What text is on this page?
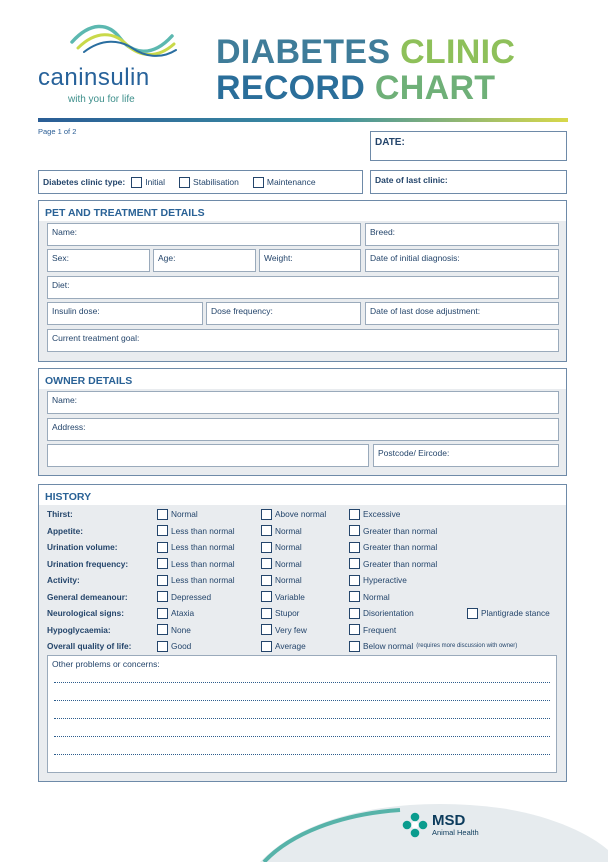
caninsulin
with you for life
DIABETES CLINIC
RECORD CHART
Page 1 of 2
DATE:
Date of last clinic:
Diabetes clinic type: Initial	Stabilisation	Maintenance
PET AND TREATMENT DETAILS
Name:	Breed:
Sex:	Age:	Weight:	Date of initial diagnosis:
Diet:
Insulin dose:	Dose frequency:	Date of last dose adjustment:
Current treatment goal:
OWNER DETAILS
Name:
Address:
Postcode/ Eircode:
HISTORY
Thirst:	Normal	Above normal	Excessive
Appetite:	Less than normal	Normal	Greater than normal
Urination volume:	Less than normal	Normal	Greater than normal
Urination frequency:	Less than normal	Normal	Greater than normal
Activity:	Less than normal	Normal	Hyperactive
General demeanour:	Depressed	Variable	Normal
Neurological signs:	Ataxia	Stupor	Disorientation	Plantigrade stance
Hypoglycaemia:	None	Very few	Frequent
Overall quality of life:	Good	Average	Below normal (requires more discussion with owner)
Other problems or concerns:
MSD
Animal Health
